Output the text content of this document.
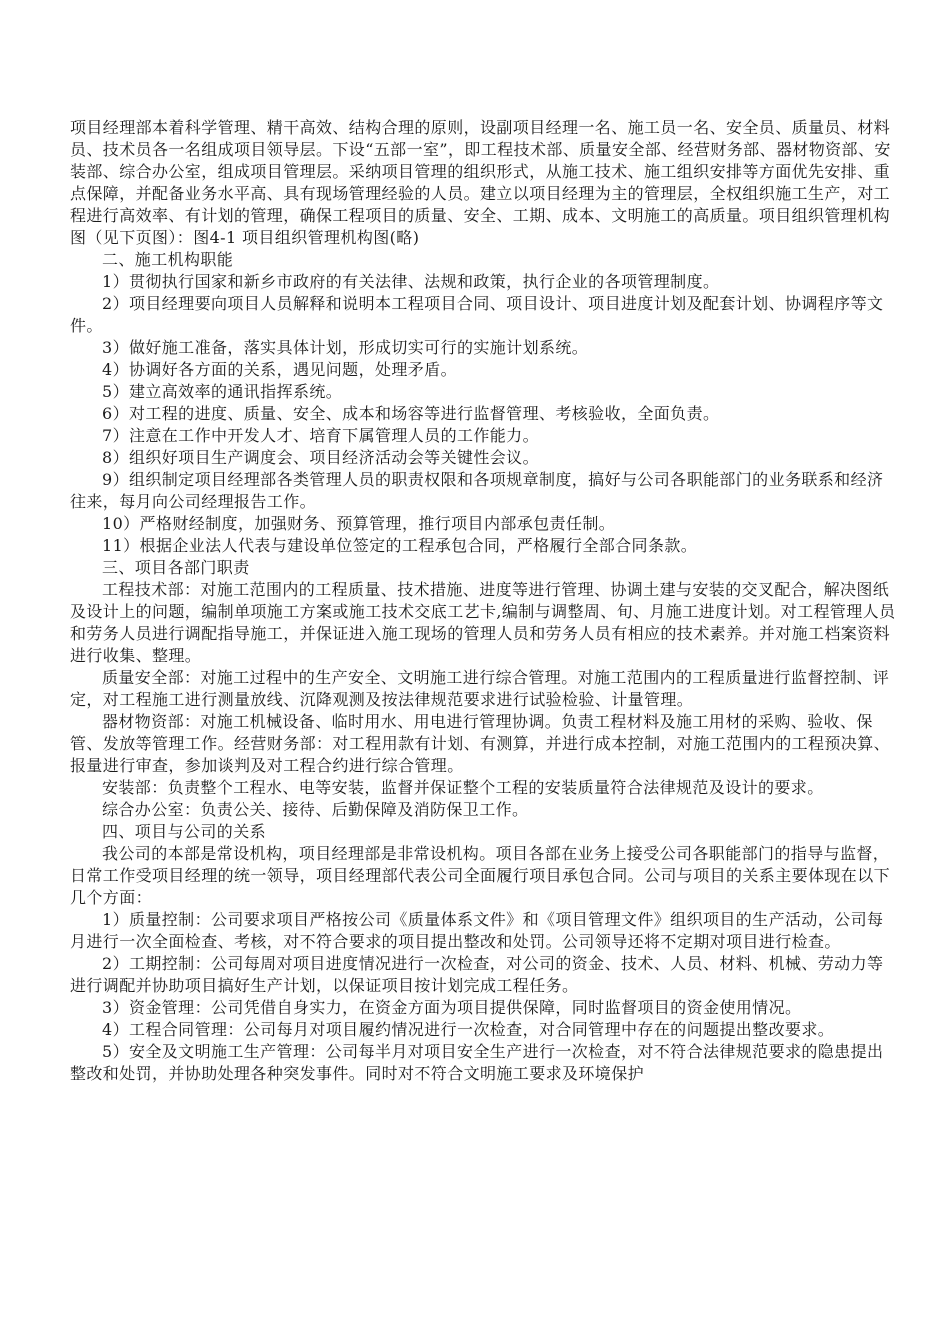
项目经理部本着科学管理、精干高效、结构合理的原则，设副项目经理一名、施工员一名、安全员、质量员、材料员、技术员各一名组成项目领导层。下设“五部一室”，即工程技术部、质量安全部、经营财务部、器材物资部、安装部、综合办公室，组成项目管理层。采纳项目管理的组织形式，从施工技术、施工组织安排等方面优先安排、重点保障，并配备业务水平高、具有现场管理经验的人员。建立以项目经理为主的管理层，全权组织施工生产，对工程进行高效率、有计划的管理，确保工程项目的质量、安全、工期、成本、文明施工的高质量。项目组织管理机构图（见下页图）：图4-1 项目组织管理机构图(略)

二、施工机构职能

1）贯彻执行国家和新乡市政府的有关法律、法规和政策，执行企业的各项管理制度。

2）项目经理要向项目人员解释和说明本工程项目合同、项目设计、项目进度计划及配套计划、协调程序等文件。

3）做好施工准备，落实具体计划，形成切实可行的实施计划系统。

4）协调好各方面的关系，遇见问题，处理矛盾。

5）建立高效率的通讯指挥系统。

6）对工程的进度、质量、安全、成本和场容等进行监督管理、考核验收，全面负责。

7）注意在工作中开发人才、培育下属管理人员的工作能力。

8）组织好项目生产调度会、项目经济活动会等关键性会议。

9）组织制定项目经理部各类管理人员的职责权限和各项规章制度，搞好与公司各职能部门的业务联系和经济往来，每月向公司经理报告工作。

10）严格财经制度，加强财务、预算管理，推行项目内部承包责任制。

11）根据企业法人代表与建设单位签定的工程承包合同，严格履行全部合同条款。

三、项目各部门职责

工程技术部：对施工范围内的工程质量、技术措施、进度等进行管理、协调土建与安装的交叉配合，解决图纸及设计上的问题，编制单项施工方案或施工技术交底工艺卡,编制与调整周、旬、月施工进度计划。对工程管理人员和劳务人员进行调配指导施工，并保证进入施工现场的管理人员和劳务人员有相应的技术素养。并对施工档案资料进行收集、整理。

质量安全部：对施工过程中的生产安全、文明施工进行综合管理。对施工范围内的工程质量进行监督控制、评定，对工程施工进行测量放线、沉降观测及按法律规范要求进行试验检验、计量管理。

器材物资部：对施工机械设备、临时用水、用电进行管理协调。负责工程材料及施工用材的采购、验收、保管、发放等管理工作。经营财务部：对工程用款有计划、有测算，并进行成本控制，对施工范围内的工程预决算、报量进行审查，参加谈判及对工程合约进行综合管理。

安装部：负责整个工程水、电等安装，监督并保证整个工程的安装质量符合法律规范及设计的要求。

综合办公室：负责公关、接待、后勤保障及消防保卫工作。

四、项目与公司的关系

我公司的本部是常设机构，项目经理部是非常设机构。项目各部在业务上接受公司各职能部门的指导与监督，日常工作受项目经理的统一领导，项目经理部代表公司全面履行项目承包合同。公司与项目的关系主要体现在以下几个方面：

1）质量控制：公司要求项目严格按公司《质量体系文件》和《项目管理文件》组织项目的生产活动，公司每月进行一次全面检查、考核，对不符合要求的项目提出整改和处罚。公司领导还将不定期对项目进行检查。

2）工期控制：公司每周对项目进度情况进行一次检查，对公司的资金、技术、人员、材料、机械、劳动力等进行调配并协助项目搞好生产计划，以保证项目按计划完成工程任务。

3）资金管理：公司凭借自身实力，在资金方面为项目提供保障，同时监督项目的资金使用情况。

4）工程合同管理：公司每月对项目履约情况进行一次检查，对合同管理中存在的问题提出整改要求。

5）安全及文明施工生产管理：公司每半月对项目安全生产进行一次检查，对不符合法律规范要求的隐患提出整改和处罚，并协助处理各种突发事件。同时对不符合文明施工要求及环境保护
